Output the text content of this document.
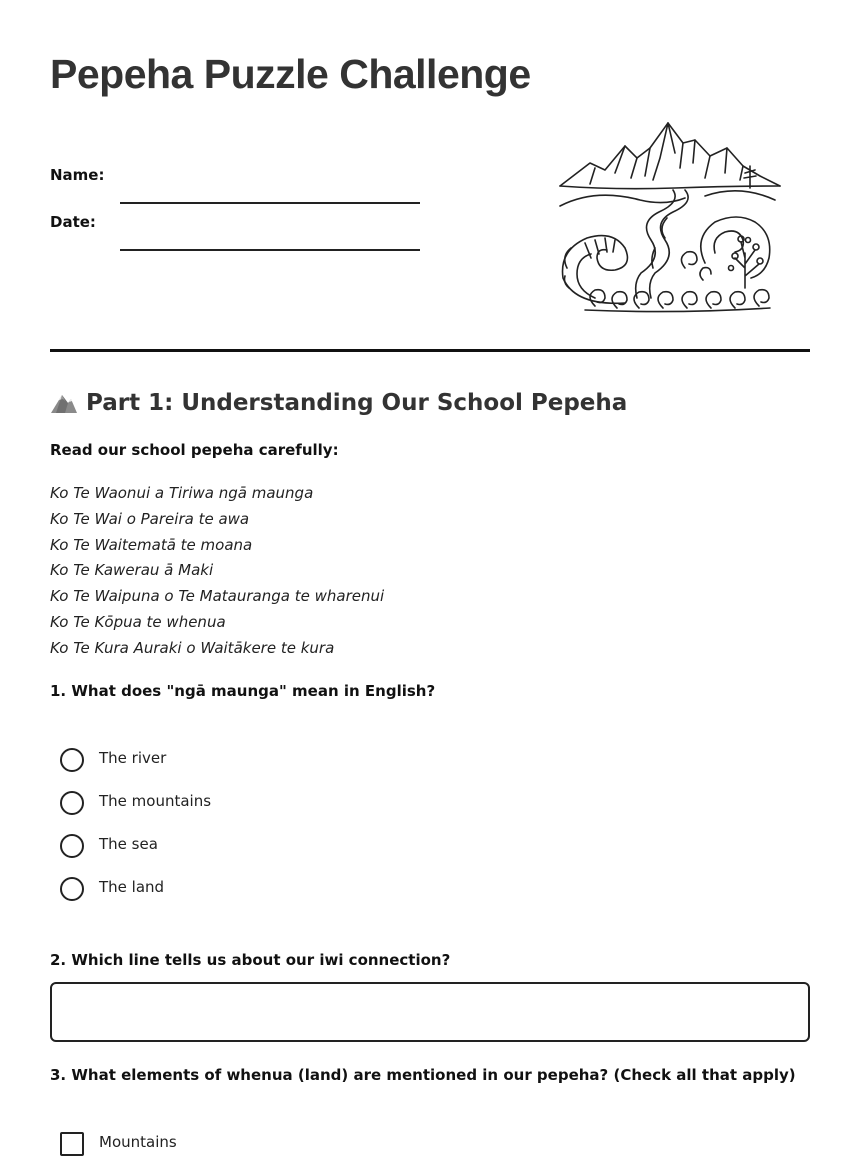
Pepeha Puzzle Challenge
Name:
Date:
Part 1: Understanding Our School Pepeha
Read our school pepeha carefully:
Ko Te Waonui a Tiriwa ngā maunga
Ko Te Wai o Pareira te awa
Ko Te Waitematā te moana
Ko Te Kawerau ā Maki
Ko Te Waipuna o Te Matauranga te wharenui
Ko Te Kōpua te whenua
Ko Te Kura Auraki o Waitākere te kura
1. What does "ngā maunga" mean in English?
The river
The mountains
The sea
The land
2. Which line tells us about our iwi connection?
3. What elements of whenua (land) are mentioned in our pepeha? (Check all that apply)
Mountains
